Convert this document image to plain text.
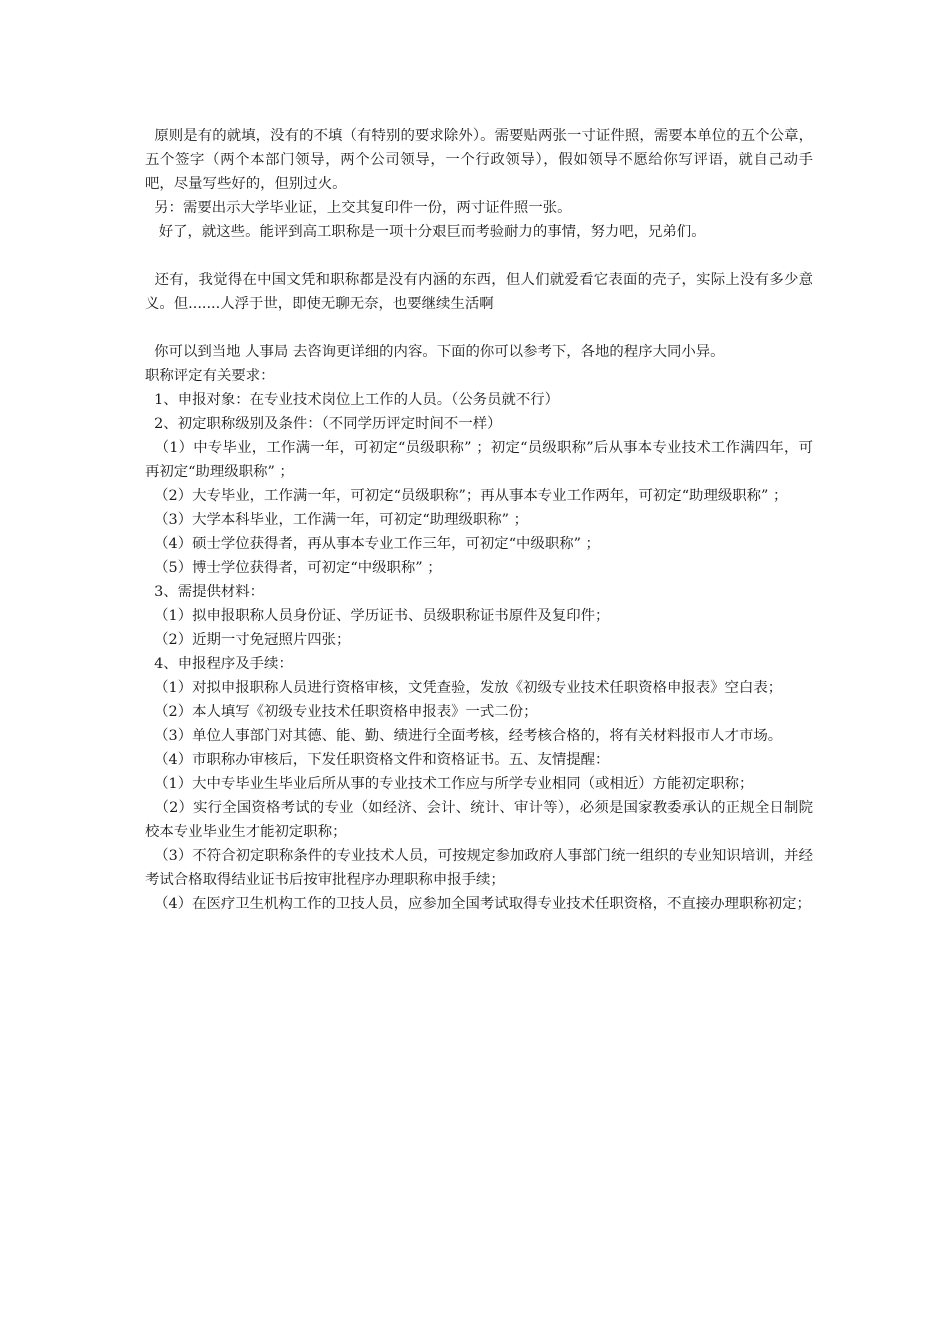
原则是有的就填，没有的不填（有特别的要求除外）。需要贴两张一寸证件照，需要本单位的五个公章，五个签字（两个本部门领导，两个公司领导，一个行政领导），假如领导不愿给你写评语，就自己动手吧，尽量写些好的，但别过火。

另：需要出示大学毕业证，上交其复印件一份，两寸证件照一张。

好了，就这些。能评到高工职称是一项十分艰巨而考验耐力的事情，努力吧，兄弟们。

还有，我觉得在中国文凭和职称都是没有内涵的东西，但人们就爱看它表面的壳子，实际上没有多少意义。但.......人浮于世，即使无聊无奈，也要继续生活啊

你可以到当地 人事局 去咨询更详细的内容。下面的你可以参考下，各地的程序大同小异。

职称评定有关要求：

1、申报对象：在专业技术岗位上工作的人员。（公务员就不行）

2、初定职称级别及条件：（不同学历评定时间不一样）

（1）中专毕业，工作满一年，可初定“员级职称” ；初定“员级职称”后从事本专业技术工作满四年，可再初定“助理级职称” ；

（2）大专毕业，工作满一年，可初定“员级职称”；再从事本专业工作两年，可初定“助理级职称” ；

（3）大学本科毕业，工作满一年，可初定“助理级职称” ；

（4）硕士学位获得者，再从事本专业工作三年，可初定“中级职称” ；

（5）博士学位获得者，可初定“中级职称” ；

3、需提供材料：

（1）拟申报职称人员身份证、学历证书、员级职称证书原件及复印件；

（2）近期一寸免冠照片四张；

4、申报程序及手续：

（1）对拟申报职称人员进行资格审核，文凭查验，发放《初级专业技术任职资格申报表》空白表；

（2）本人填写《初级专业技术任职资格申报表》一式二份；

（3）单位人事部门对其德、能、勤、绩进行全面考核，经考核合格的，将有关材料报市人才市场。

（4）市职称办审核后，下发任职资格文件和资格证书。五、友情提醒：

（1）大中专毕业生毕业后所从事的专业技术工作应与所学专业相同（或相近）方能初定职称；

（2）实行全国资格考试的专业（如经济、会计、统计、审计等），必须是国家教委承认的正规全日制院校本专业毕业生才能初定职称；

（3）不符合初定职称条件的专业技术人员，可按规定参加政府人事部门统一组织的专业知识培训，并经考试合格取得结业证书后按审批程序办理职称申报手续；

（4）在医疗卫生机构工作的卫技人员，应参加全国考试取得专业技术任职资格，不直接办理职称初定；
